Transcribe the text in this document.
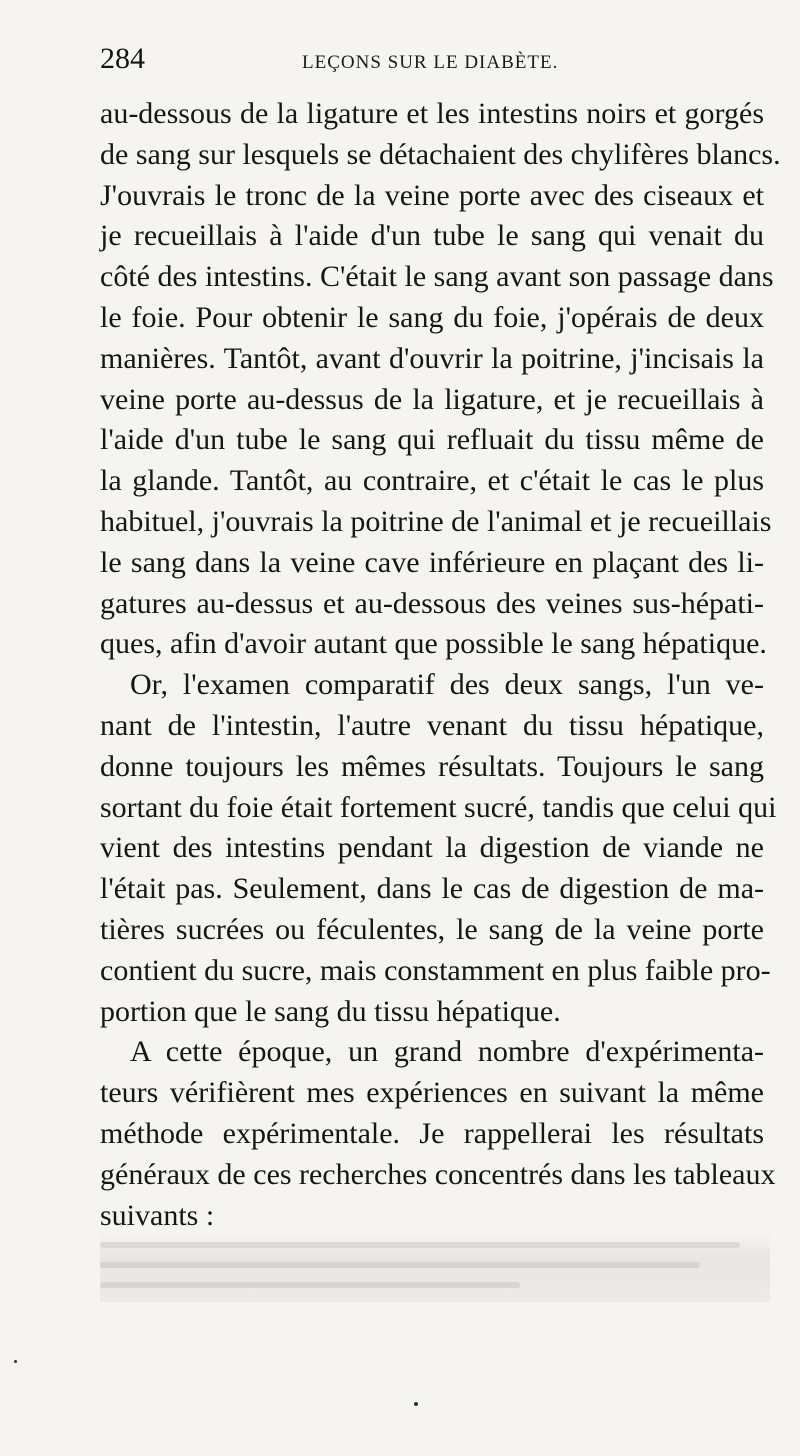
284	LEÇONS SUR LE DIABÈTE.
au-dessous de la ligature et les intestins noirs et gorgés
de sang sur lesquels se détachaient des chylifères blancs.
J'ouvrais le tronc de la veine porte avec des ciseaux et
je recueillais à l'aide d'un tube le sang qui venait du
côté des intestins. C'était le sang avant son passage dans
le foie. Pour obtenir le sang du foie, j'opérais de deux
manières. Tantôt, avant d'ouvrir la poitrine, j'incisais la
veine porte au-dessus de la ligature, et je recueillais à
l'aide d'un tube le sang qui refluait du tissu même de
la glande. Tantôt, au contraire, et c'était le cas le plus
habituel, j'ouvrais la poitrine de l'animal et je recueillais
le sang dans la veine cave inférieure en plaçant des li-
gatures au-dessus et au-dessous des veines sus-hépati-
ques, afin d'avoir autant que possible le sang hépatique.
Or, l'examen comparatif des deux sangs, l'un ve-
nant de l'intestin, l'autre venant du tissu hépatique,
donne toujours les mêmes résultats. Toujours le sang
sortant du foie était fortement sucré, tandis que celui qui
vient des intestins pendant la digestion de viande ne
l'était pas. Seulement, dans le cas de digestion de ma-
tières sucrées ou féculentes, le sang de la veine porte
contient du sucre, mais constamment en plus faible pro-
portion que le sang du tissu hépatique.
A cette époque, un grand nombre d'expérimenta-
teurs vérifièrent mes expériences en suivant la même
méthode expérimentale. Je rappellerai les résultats
généraux de ces recherches concentrés dans les tableaux
suivants :
